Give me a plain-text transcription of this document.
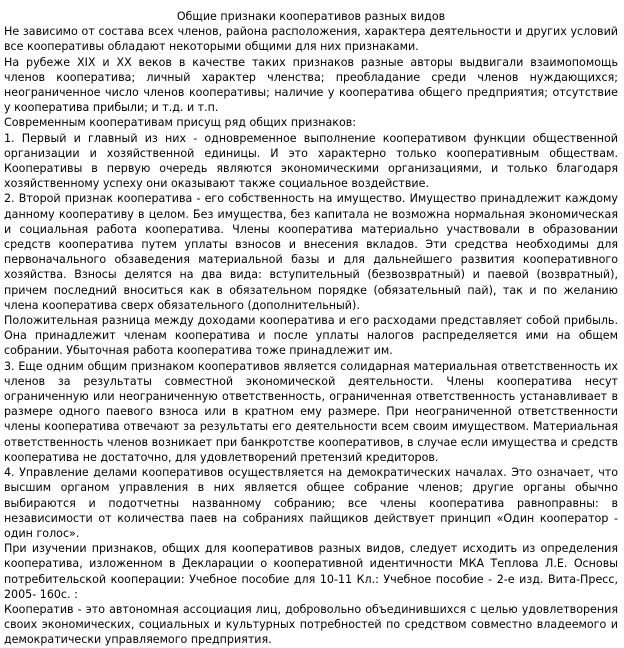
Общие признаки кооперативов разных видов

Не зависимо от состава всех членов, района расположения, характера деятельности и других условий все кооперативы обладают некоторыми общими для них признаками.

На рубеже XIX и XX веков в качестве таких признаков разные авторы выдвигали взаимопомощь членов кооператива; личный характер членства; преобладание среди членов нуждающихся; неограниченное число членов кооперативы; наличие у кооператива общего предприятия; отсутствие у кооператива прибыли; и т.д. и т.п.

Современным кооперативам присущ ряд общих признаков:

1. Первый и главный из них - одновременное выполнение кооперативом функции общественной организации и хозяйственной единицы. И это характерно только кооперативным обществам. Кооперативы в первую очередь являются экономическими организациями, и только благодаря хозяйственному успеху они оказывают также социальное воздействие.

2. Второй признак кооператива - его собственность на имущество. Имущество принадлежит каждому данному кооперативу в целом. Без имущества, без капитала не возможна нормальная экономическая и социальная работа кооператива. Члены кооператива материально участвовали в образовании средств кооператива путем уплаты взносов и внесения вкладов. Эти средства необходимы для первоначального обзаведения материальной базы и для дальнейшего развития кооперативного хозяйства. Взносы делятся на два вида: вступительный (безвозвратный) и паевой (возвратный), причем последний вноситься как в обязательном порядке (обязательный пай), так и по желанию члена кооператива сверх обязательного (дополнительный).

Положительная разница между доходами кооператива и его расходами представляет собой прибыль. Она принадлежит членам кооператива и после уплаты налогов распределяется ими на общем собрании. Убыточная работа кооператива тоже принадлежит им.

3. Еще одним общим признаком кооперативов является солидарная материальная ответственность их членов за результаты совместной экономической деятельности. Члены кооператива несут ограниченную или неограниченную ответственность, ограниченная ответственность устанавливает в размере одного паевого взноса или в кратном ему размере. При неограниченной ответственности члены кооператива отвечают за результаты его деятельности всем своим имуществом. Материальная ответственность членов возникает при банкротстве кооперативов, в случае если имущества и средств кооператива не достаточно, для удовлетворений претензий кредиторов.

4. Управление делами кооперативов осуществляется на демократических началах. Это означает, что высшим органом управления в них является общее собрание членов; другие органы обычно выбираются и подотчетны названному собранию; все члены кооператива равноправны: в независимости от количества паев на собраниях пайщиков действует принцип «Один кооператор - один голос».

При изучении признаков, общих для кооперативов разных видов, следует исходить из определения кооператива, изложенном в Декларации о кооперативной идентичности МКА Теплова Л.Е. Основы потребительской кооперации: Учебное пособие для 10-11 Кл.: Учебное пособие - 2-е изд. Вита-Пресс, 2005- 160с. :

Кооператив - это автономная ассоциация лиц, добровольно объединившихся с целью удовлетворения своих экономических, социальных и культурных потребностей по средством совместно владеемого и демократически управляемого предприятия.
